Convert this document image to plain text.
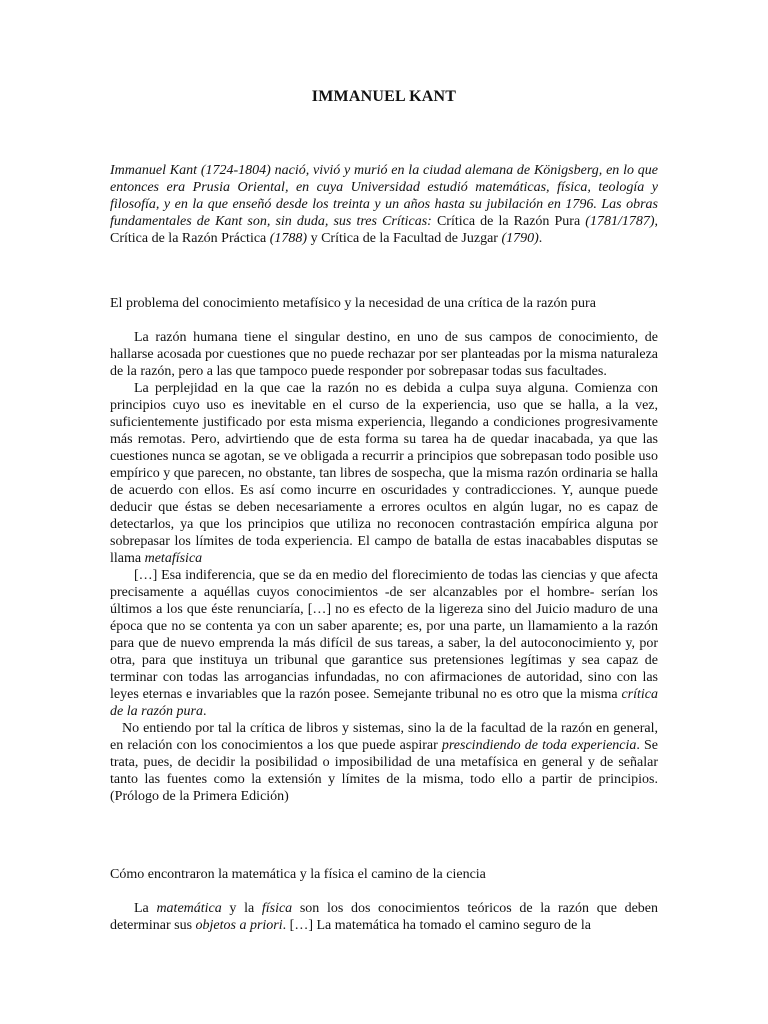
IMMANUEL KANT

Immanuel Kant (1724-1804) nació, vivió y murió en la ciudad alemana de Königsberg, en lo que entonces era Prusia Oriental, en cuya Universidad estudió matemáticas, física, teología y filosofía, y en la que enseñó desde los treinta y un años hasta su jubilación en 1796. Las obras fundamentales de Kant son, sin duda, sus tres Críticas: Crítica de la Razón Pura (1781/1787), Crítica de la Razón Práctica (1788) y Crítica de la Facultad de Juzgar (1790).

El problema del conocimiento metafísico y la necesidad de una crítica de la razón pura

La razón humana tiene el singular destino, en uno de sus campos de conocimiento, de hallarse acosada por cuestiones que no puede rechazar por ser planteadas por la misma naturaleza de la razón, pero a las que tampoco puede responder por sobrepasar todas sus facultades.

La perplejidad en la que cae la razón no es debida a culpa suya alguna. Comienza con principios cuyo uso es inevitable en el curso de la experiencia, uso que se halla, a la vez, suficientemente justificado por esta misma experiencia, llegando a condiciones progresivamente más remotas. Pero, advirtiendo que de esta forma su tarea ha de quedar inacabada, ya que las cuestiones nunca se agotan, se ve obligada a recurrir a principios que sobrepasan todo posible uso empírico y que parecen, no obstante, tan libres de sospecha, que la misma razón ordinaria se halla de acuerdo con ellos. Es así como incurre en oscuridades y contradicciones. Y, aunque puede deducir que éstas se deben necesariamente a errores ocultos en algún lugar, no es capaz de detectarlos, ya que los principios que utiliza no reconocen contrastación empírica alguna por sobrepasar los límites de toda experiencia. El campo de batalla de estas inacabables disputas se llama metafísica

[…] Esa indiferencia, que se da en medio del florecimiento de todas las ciencias y que afecta precisamente a aquéllas cuyos conocimientos -de ser alcanzables por el hombre- serían los últimos a los que éste renunciaría, […] no es efecto de la ligereza sino del Juicio maduro de una época que no se contenta ya con un saber aparente; es, por una parte, un llamamiento a la razón para que de nuevo emprenda la más difícil de sus tareas, a saber, la del autoconocimiento y, por otra, para que instituya un tribunal que garantice sus pretensiones legítimas y sea capaz de terminar con todas las arrogancias infundadas, no con afirmaciones de autoridad, sino con las leyes eternas e invariables que la razón posee. Semejante tribunal no es otro que la misma crítica de la razón pura.

No entiendo por tal la crítica de libros y sistemas, sino la de la facultad de la razón en general, en relación con los conocimientos a los que puede aspirar prescindiendo de toda experiencia. Se trata, pues, de decidir la posibilidad o imposibilidad de una metafísica en general y de señalar tanto las fuentes como la extensión y límites de la misma, todo ello a partir de principios. (Prólogo de la Primera Edición)

Cómo encontraron la matemática y la física el camino de la ciencia

La matemática y la física son los dos conocimientos teóricos de la razón que deben determinar sus objetos a priori. […] La matemática ha tomado el camino seguro de la
